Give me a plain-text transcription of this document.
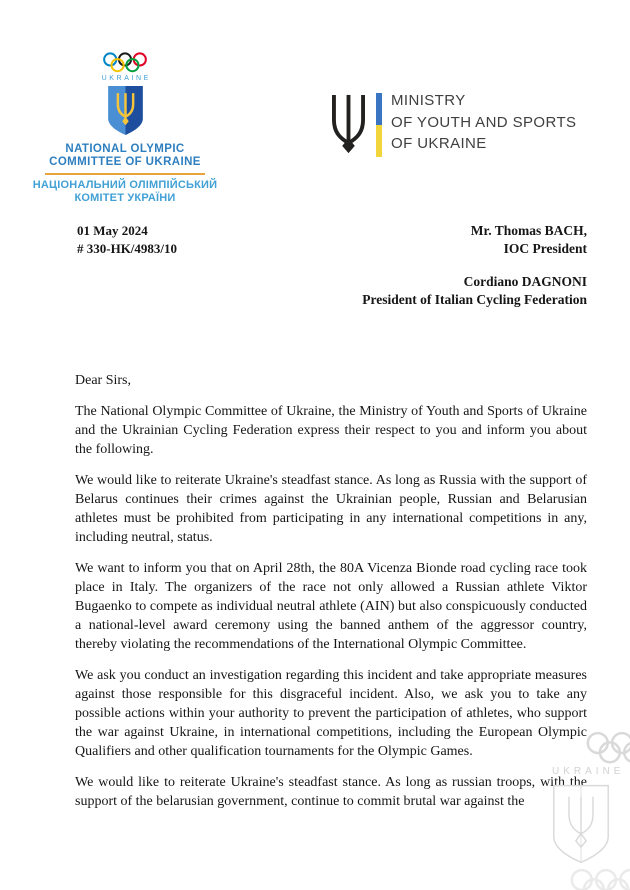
UKRAINE
NATIONAL OLYMPIC
COMMITTEE OF UKRAINE
НАЦІОНАЛЬНИЙ ОЛІМПІЙСЬКИЙ
КОМІТЕТ УКРАЇНИ
MINISTRY
OF YOUTH AND SPORTS
OF UKRAINE
01 May 2024
# 330-HK/4983/10
Mr. Thomas BACH,
IOC President
Cordiano DAGNONI
President of Italian Cycling Federation

Dear Sirs,

The National Olympic Committee of Ukraine, the Ministry of Youth and Sports of Ukraine and the Ukrainian Cycling Federation express their respect to you and inform you about the following.

We would like to reiterate Ukraine's steadfast stance. As long as Russia with the support of Belarus continues their crimes against the Ukrainian people, Russian and Belarusian athletes must be prohibited from participating in any international competitions in any, including neutral, status.

We want to inform you that on April 28th, the 80A Vicenza Bionde road cycling race took place in Italy. The organizers of the race not only allowed a Russian athlete Viktor Bugaenko to compete as individual neutral athlete (AIN) but also conspicuously conducted a national-level award ceremony using the banned anthem of the aggressor country, thereby violating the recommendations of the International Olympic Committee.

We ask you conduct an investigation regarding this incident and take appropriate measures against those responsible for this disgraceful incident. Also, we ask you to take any possible actions within your authority to prevent the participation of athletes, who support the war against Ukraine, in international competitions, including the European Olympic Qualifiers and other qualification tournaments for the Olympic Games.

We would like to reiterate Ukraine's steadfast stance. As long as russian troops, with the support of the belarusian government, continue to commit brutal war against the

UKRAINE
